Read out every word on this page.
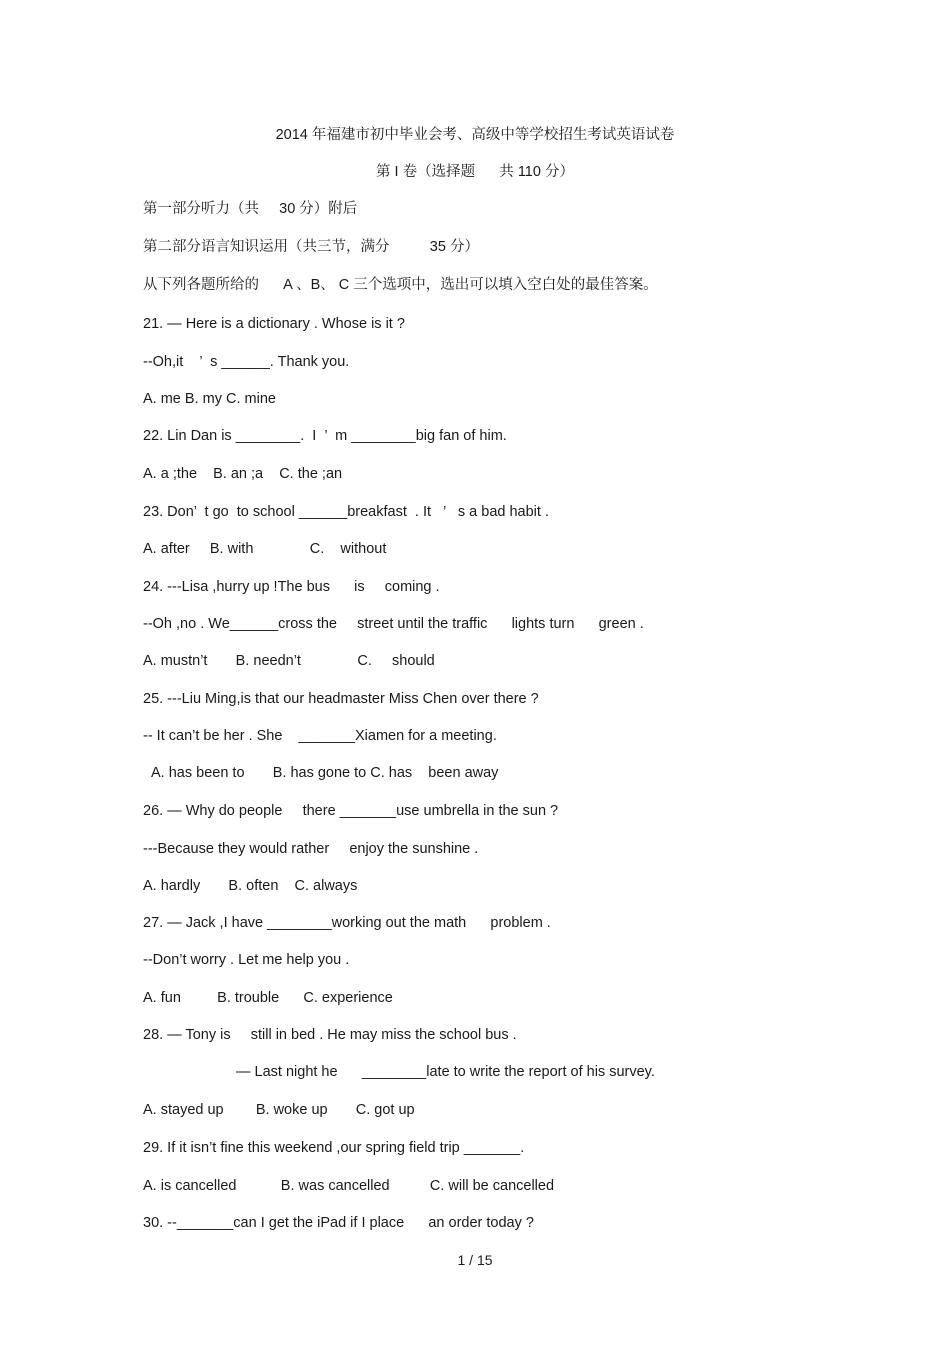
2014 年福建市初中毕业会考、高级中等学校招生考试英语试卷
第 I 卷（选择题      共 110 分）
第一部分听力（共     30 分）附后
第二部分语言知识运用（共三节，满分          35 分）
从下列各题所给的      A 、B、 C 三个选项中，选出可以填入空白处的最佳答案。
21. — Here is a dictionary . Whose is it ?
--Oh,it    ’  s ______. Thank you.
A. me B. my C. mine
22. Lin Dan is ________.  I  ’  m ________big fan of him.
A. a ;the    B. an ;a    C. the ;an
23. Don’  t go  to school ______breakfast  . It   ’   s a bad habit .
A. after     B. with              C.    without
24. ---Lisa ,hurry up !The bus      is     coming .
--Oh ,no . We______cross the     street until the traffic      lights turn      green .
A. mustn’t       B. needn’t              C.     should
25. ---Liu Ming,is that our headmaster Miss Chen over there ?
-- It can’t be her . She    _______Xiamen for a meeting.
A. has been to       B. has gone to C. has    been away
26. — Why do people     there _______use umbrella in the sun ?
---Because they would rather     enjoy the sunshine .
A. hardly       B. often    C. always
27. — Jack ,I have ________working out the math      problem .
--Don’t worry . Let me help you .
A. fun         B. trouble      C. experience
28. — Tony is     still in bed . He may miss the school bus .
— Last night he      ________late to write the report of his survey.
A. stayed up        B. woke up       C. got up
29. If it isn’t fine this weekend ,our spring field trip _______.
A. is cancelled           B. was cancelled          C. will be cancelled
30. --_______can I get the iPad if I place      an order today ?
1 / 15
